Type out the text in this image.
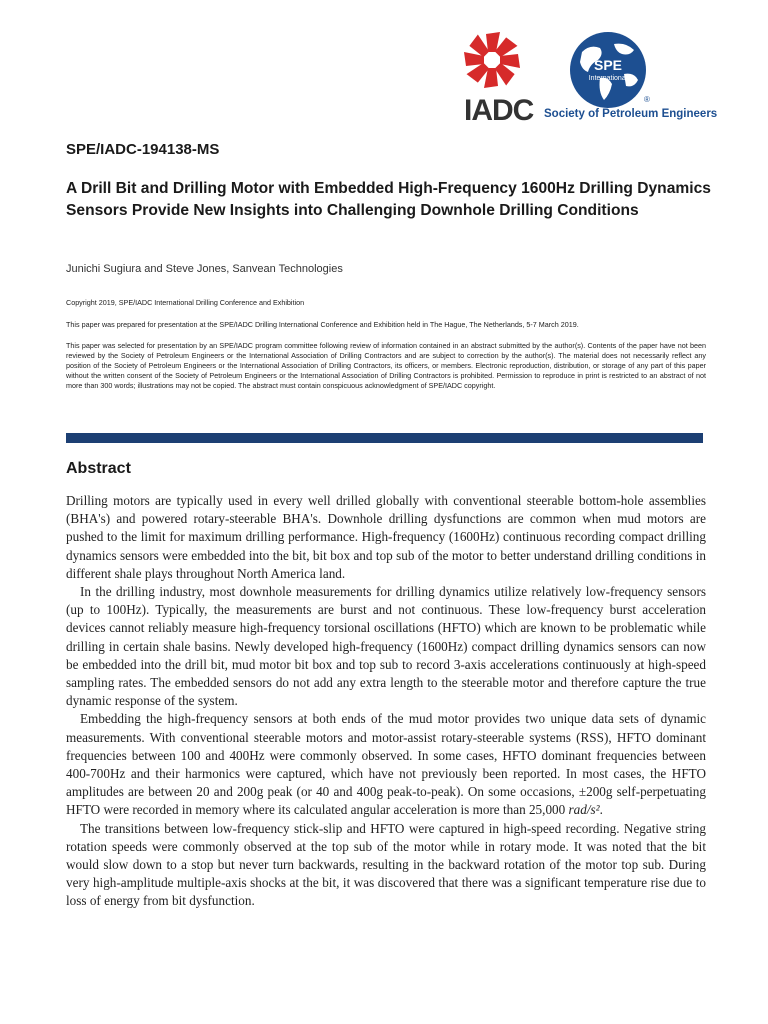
IADC
SPE
International
®
Society of Petroleum Engineers
SPE/IADC-194138-MS
A Drill Bit and Drilling Motor with Embedded High-Frequency 1600Hz Drilling Dynamics Sensors Provide New Insights into Challenging Downhole Drilling Conditions
Junichi Sugiura and Steve Jones, Sanvean Technologies

Copyright 2019, SPE/IADC International Drilling Conference and Exhibition

This paper was prepared for presentation at the SPE/IADC Drilling International Conference and Exhibition held in The Hague, The Netherlands, 5-7 March 2019.

This paper was selected for presentation by an SPE/IADC program committee following review of information contained in an abstract submitted by the author(s). Contents of the paper have not been reviewed by the Society of Petroleum Engineers or the International Association of Drilling Contractors and are subject to correction by the author(s). The material does not necessarily reflect any position of the Society of Petroleum Engineers or the International Association of Drilling Contractors, its officers, or members. Electronic reproduction, distribution, or storage of any part of this paper without the written consent of the Society of Petroleum Engineers or the International Association of Drilling Contractors is prohibited. Permission to reproduce in print is restricted to an abstract of not more than 300 words; illustrations may not be copied. The abstract must contain conspicuous acknowledgment of SPE/IADC copyright.

Abstract

Drilling motors are typically used in every well drilled globally with conventional steerable bottom-hole assemblies (BHA's) and powered rotary-steerable BHA's. Downhole drilling dysfunctions are common when mud motors are pushed to the limit for maximum drilling performance. High-frequency (1600Hz) continuous recording compact drilling dynamics sensors were embedded into the bit, bit box and top sub of the motor to better understand drilling conditions in different shale plays throughout North America land.

In the drilling industry, most downhole measurements for drilling dynamics utilize relatively low-frequency sensors (up to 100Hz). Typically, the measurements are burst and not continuous. These low-frequency burst acceleration devices cannot reliably measure high-frequency torsional oscillations (HFTO) which are known to be problematic while drilling in certain shale basins. Newly developed high-frequency (1600Hz) compact drilling dynamics sensors can now be embedded into the drill bit, mud motor bit box and top sub to record 3-axis accelerations continuously at high-speed sampling rates. The embedded sensors do not add any extra length to the steerable motor and therefore capture the true dynamic response of the system.

Embedding the high-frequency sensors at both ends of the mud motor provides two unique data sets of dynamic measurements. With conventional steerable motors and motor-assist rotary-steerable systems (RSS), HFTO dominant frequencies between 100 and 400Hz were commonly observed. In some cases, HFTO dominant frequencies between 400-700Hz and their harmonics were captured, which have not previously been reported. In most cases, the HFTO amplitudes are between 20 and 200g peak (or 40 and 400g peak-to-peak). On some occasions, ±200g self-perpetuating HFTO were recorded in memory where its calculated angular acceleration is more than 25,000 rad/s².

The transitions between low-frequency stick-slip and HFTO were captured in high-speed recording. Negative string rotation speeds were commonly observed at the top sub of the motor while in rotary mode. It was noted that the bit would slow down to a stop but never turn backwards, resulting in the backward rotation of the motor top sub. During very high-amplitude multiple-axis shocks at the bit, it was discovered that there was a significant temperature rise due to loss of energy from bit dysfunction.
